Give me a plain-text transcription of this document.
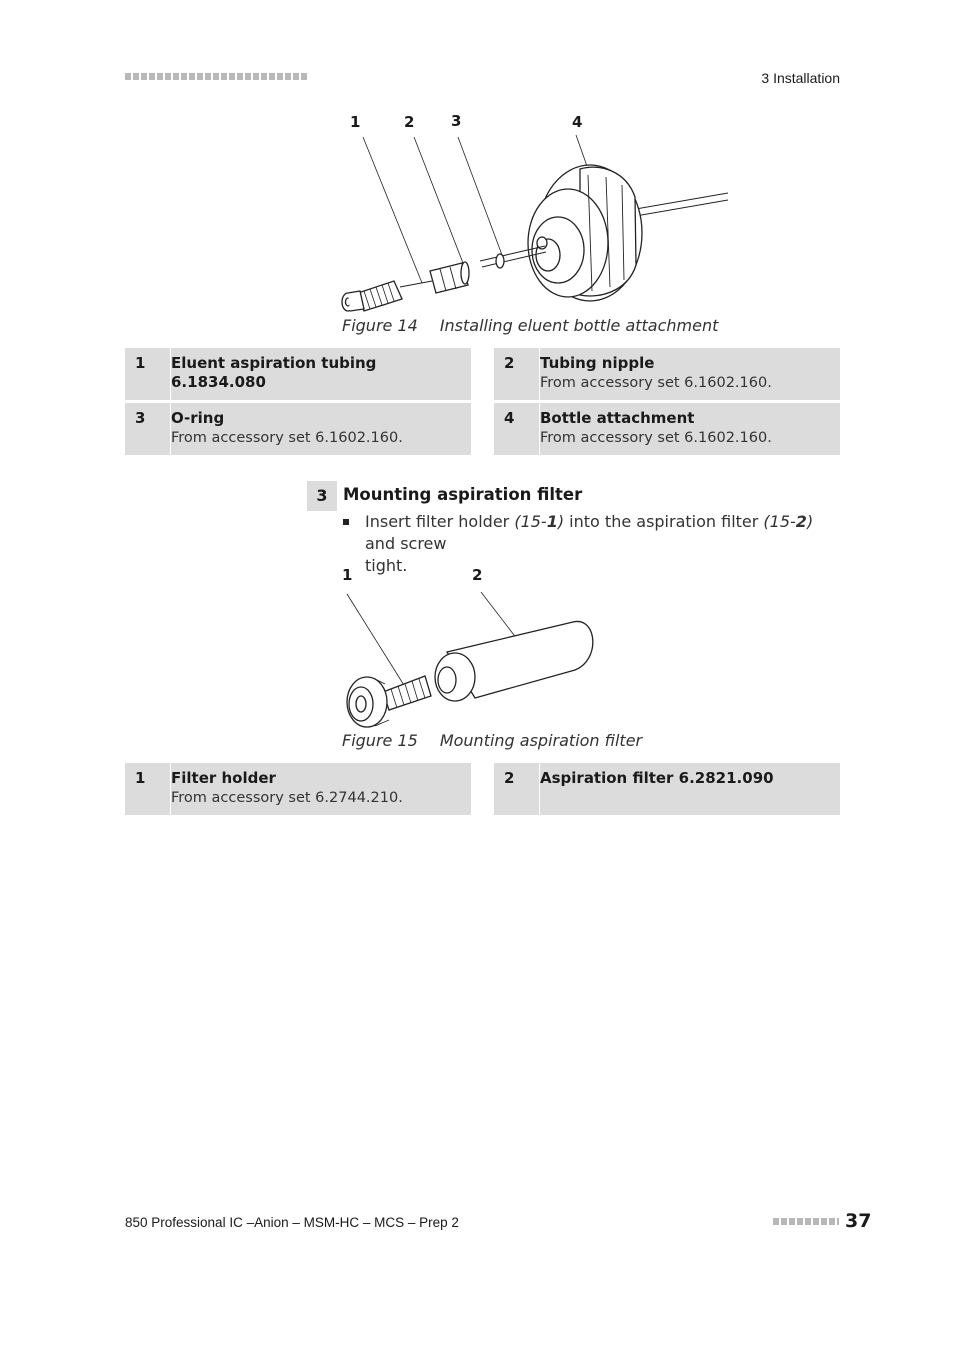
3 Installation
1	2 3	4
Figure 14 Installing eluent bottle attachment
1	Eluent aspiration tubing 6.1834.080
2	Tubing nipple
From accessory set 6.1602.160.
3	O-ring
From accessory set 6.1602.160.
4	Bottle attachment
From accessory set 6.1602.160.
3 Mounting aspiration filter
Insert filter holder (15-1) into the aspiration filter (15-2) and screw
tight.
1	2
Figure 15 Mounting aspiration filter
1	Filter holder
From accessory set 6.2744.210.
2	Aspiration filter 6.2821.090
850 Professional IC –Anion – MSM-HC – MCS – Prep 2	37
